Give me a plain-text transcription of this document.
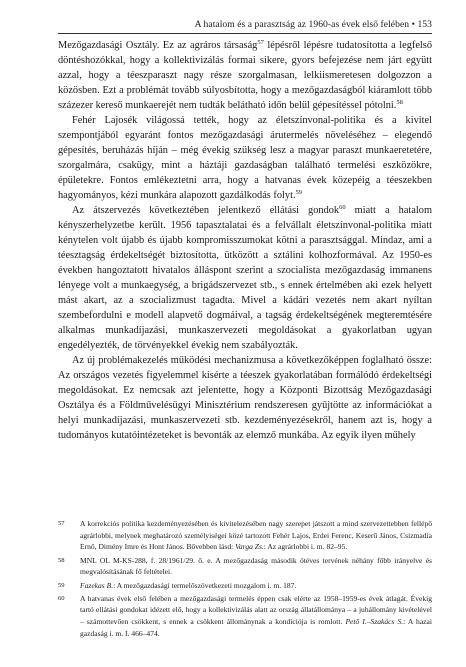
A hatalom és a parasztság az 1960-as évek első felében • 153

Mezőgazdasági Osztály. Ez az agráros társaság$^{57}$ lépésről lépésre tudatosította a legfelső döntéshozókkal, hogy a kollektivizálás formai sikere, gyors befejezése nem járt együtt azzal, hogy a téeszparaszt nagy része szorgalmasan, lelkiismeretesen dolgozzon a közösben. Ezt a problémát tovább súlyosbította, hogy a mezőgazdaságból kiáramlott több százezer kereső munkaerejét nem tudták belátható időn belül gépesítéssel pótolni.$^{58}$

Fehér Lajosék világossá tették, hogy az életszínvonal-politika és a kivitel szempontjából egyaránt fontos mezőgazdasági árutermelés növeléséhez – elegendő gépesítés, beruházás híján – még évekig szükség lesz a magyar paraszt munkaeretetére, szorgalmára, csakügy, mint a háztáji gazdaságban található termelési eszközökre, épületekre. Fontos emlékeztetni arra, hogy a hatvanas évek közepéig a téeszekben hagyományos, kézi munkára alapozott gazdálkodás folyt.$^{59}$

Az átszervezés következtében jelentkező ellátási gondok$^{60}$ miatt a hatalom kényszerhelyzetbe került. 1956 tapasztalatai és a felvállalt életszínvonal-politika miatt kénytelen volt újabb és újabb kompromisszumokat kötni a parasztsággal. Mindaz, ami a téesztagság érdekeltségét biztosította, ütközött a sztálini kolhozformával. Az 1950-es években hangoztatott hivatalos álláspont szerint a szocialista mezőgazdaság immanens lényege volt a munkaegység, a brigádszervezet stb., s ennek értelmében aki ezek helyett mást akart, az a szocializmust tagadta. Mivel a kádári vezetés nem akart nyíltan szembefordulni e modell alapvető dogmáival, a tagság érdekeltségének megteremtésére alkalmas munkadíjazási, munkaszervezeti megoldásokat a gyakorlatban ugyan engedélyezték, de törvényekkel évekig nem szabályozták.

Az új problémakezelés működési mechanizmusa a következőképpen foglalható össze: Az országos vezetés figyelemmel kísérte a téeszek gyakorlatában formálódó érdekeltségi megoldásokat. Ez nemcsak azt jelentette, hogy a Központi Bizottság Mezőgazdasági Osztálya és a Földművelésügyi Minisztérium rendszeresen gyűjtötte az információkat a helyi munkadíjazási, munkaszervezeti stb. kezdeményezésekről, hanem azt is, hogy a tudományos kutatóintézeteket is bevonták az elemző munkába. Az egyik ilyen műhely

57 A korrekciós politika kezdeményezésében és kivitelezésében nagy szerepet játszott a mind szervezettebben fellépő agrárlobbi, melynek meghatározó személyiségei közé tartozott Fehér Lajos, Erdei Ferenc, Keserű János, Csizmadia Ernő, Dimény Imre és Hont János. Bővebben lásd: Varga Zs.: Az agrárlobbi i. m. 82–95.
58 MNL OL M-KS-288, f. 28/1961/29. ő. e. A mezőgazdaság második ötéves tervének néhány főbb irányelve és megvalósításának fő feltételei.
59 Fazekas B.: A mezőgazdasági termelőszövetkezeti mozgalom i. m. 187.
60 A hatvanas évek első felében a mezőgazdasági termelés éppen csak elérte az 1958–1959-es évek átlagát. Évekig tartó ellátási gondokat idézett elő, hogy a kollektivizálás alatt az ország állatállománya – a juhállomány kivételével – számottevően csökkent, s ennek a csökkent állománynak a kondíciója is romlott. Pető I.–Szakács S.: A hazai gazdaság i. m. I. 466–474.
